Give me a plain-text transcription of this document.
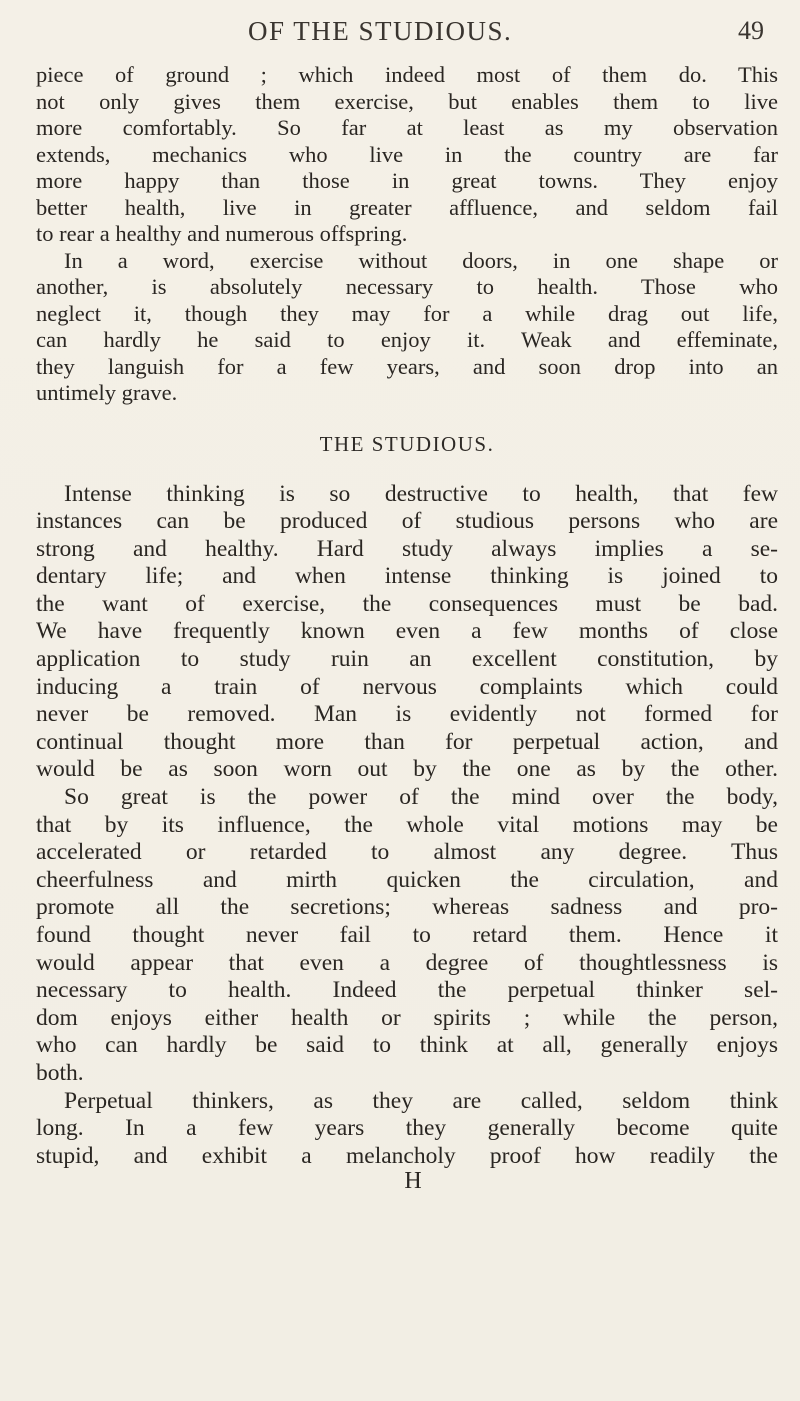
OF THE STUDIOUS.	49
piece of ground ; which indeed most of them do. This
not only gives them exercise, but enables them to live
more comfortably. So far at least as my observation
extends, mechanics who live in the country are far
more happy than those in great towns. They enjoy
better health, live in greater affluence, and seldom fail
to rear a healthy and numerous offspring.
In a word, exercise without doors, in one shape or
another, is absolutely necessary to health. Those who
neglect it, though they may for a while drag out life,
can hardly he said to enjoy it. Weak and effeminate,
they languish for a few years, and soon drop into an
untimely grave.
THE STUDIOUS.
Intense thinking is so destructive to health, that few
instances can be produced of studious persons who are
strong and healthy. Hard study always implies a se-
dentary life; and when intense thinking is joined to
the want of exercise, the consequences must be bad.
We have frequently known even a few months of close
application to study ruin an excellent constitution, by
inducing a train of nervous complaints which could
never be removed. Man is evidently not formed for
continual thought more than for perpetual action, and
would be as soon worn out by the one as by the other.
So great is the power of the mind over the body,
that by its influence, the whole vital motions may be
accelerated or retarded to almost any degree. Thus
cheerfulness and mirth quicken the circulation, and
promote all the secretions; whereas sadness and pro-
found thought never fail to retard them. Hence it
would appear that even a degree of thoughtlessness is
necessary to health. Indeed the perpetual thinker sel-
dom enjoys either health or spirits ; while the person,
who can hardly be said to think at all, generally enjoys
both.
Perpetual thinkers, as they are called, seldom think
long. In a few years they generally become quite
stupid, and exhibit a melancholy proof how readily the
H
